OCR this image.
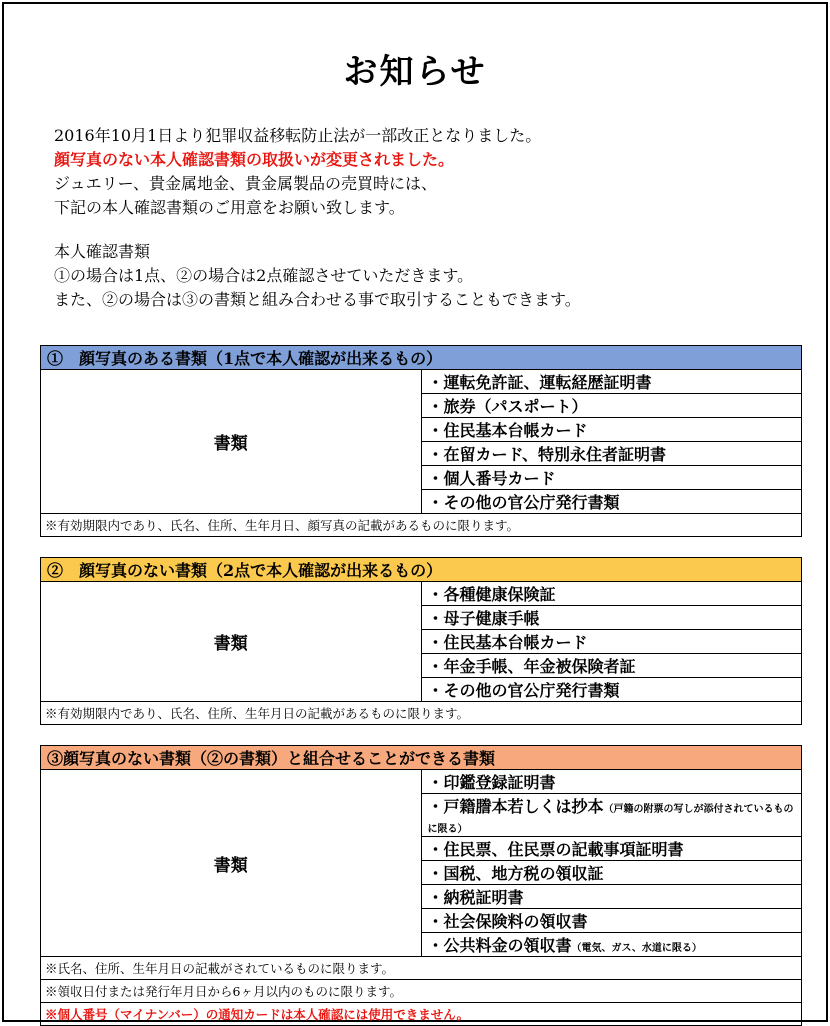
お知らせ
2016年10月1日より犯罪収益移転防止法が一部改正となりました。
顔写真のない本人確認書類の取扱いが変更されました。
ジュエリー、貴金属地金、貴金属製品の売買時には、
下記の本人確認書類のご用意をお願い致します。
本人確認書類
①の場合は1点、②の場合は2点確認させていただきます。
また、②の場合は③の書類と組み合わせる事で取引することもできます。
①　顔写真のある書類（1点で本人確認が出来るもの）
書類	・運転免許証、運転経歴証明書
・旅券（パスポート）
・住民基本台帳カード
・在留カード、特別永住者証明書
・個人番号カード
・その他の官公庁発行書類
※有効期限内であり、氏名、住所、生年月日、顔写真の記載があるものに限ります。
②　顔写真のない書類（2点で本人確認が出来るもの）
書類	・各種健康保険証
・母子健康手帳
・住民基本台帳カード
・年金手帳、年金被保険者証
・その他の官公庁発行書類
※有効期限内であり、氏名、住所、生年月日の記載があるものに限ります。
③顔写真のない書類（②の書類）と組合せることができる書類
書類	・印鑑登録証明書
・戸籍謄本若しくは抄本（戸籍の附票の写しが添付されているものに限る）
・住民票、住民票の記載事項証明書
・国税、地方税の領収証
・納税証明書
・社会保険料の領収書
・公共料金の領収書（電気、ガス、水道に限る）
※氏名、住所、生年月日の記載がされているものに限ります。
※領収日付または発行年月日から6ヶ月以内のものに限ります。
※個人番号（マイナンバー）の通知カードは本人確認には使用できません。
